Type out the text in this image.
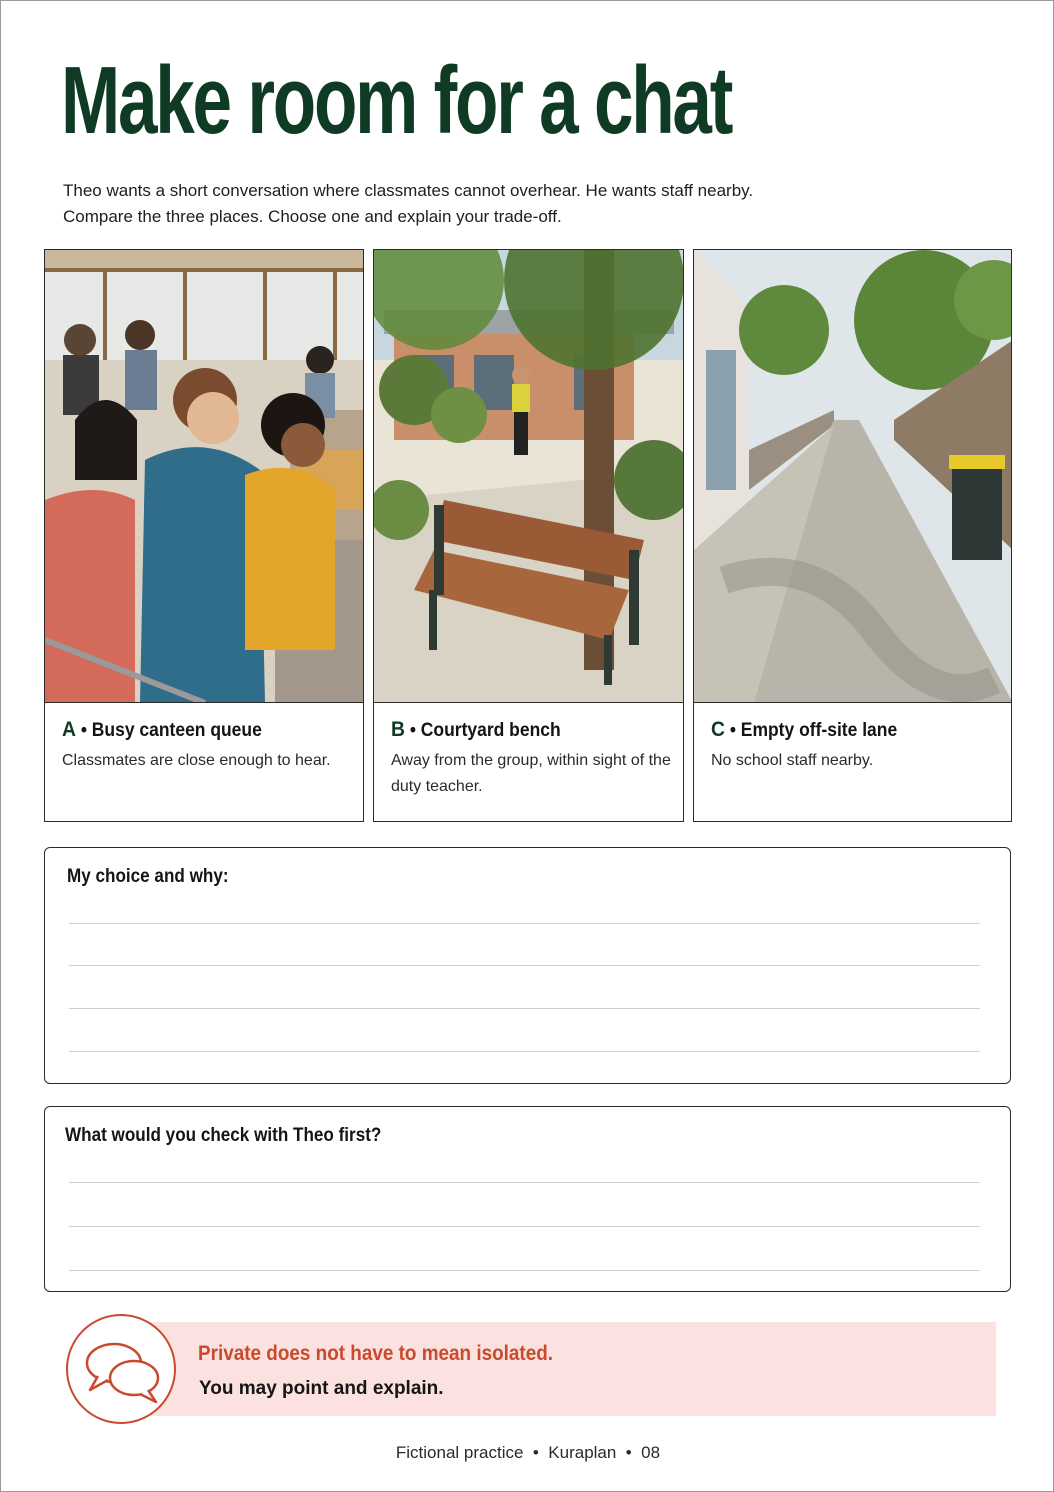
Make room for a chat
Theo wants a short conversation where classmates cannot overhear. He wants staff nearby.
Compare the three places. Choose one and explain your trade-off.
A • Busy canteen queue
Classmates are close enough to hear.
B • Courtyard bench
Away from the group, within sight of the duty teacher.
C • Empty off-site lane
No school staff nearby.
My choice and why:
What would you check with Theo first?
Private does not have to mean isolated.
You may point and explain.
Fictional practice  •  Kuraplan  •  08
